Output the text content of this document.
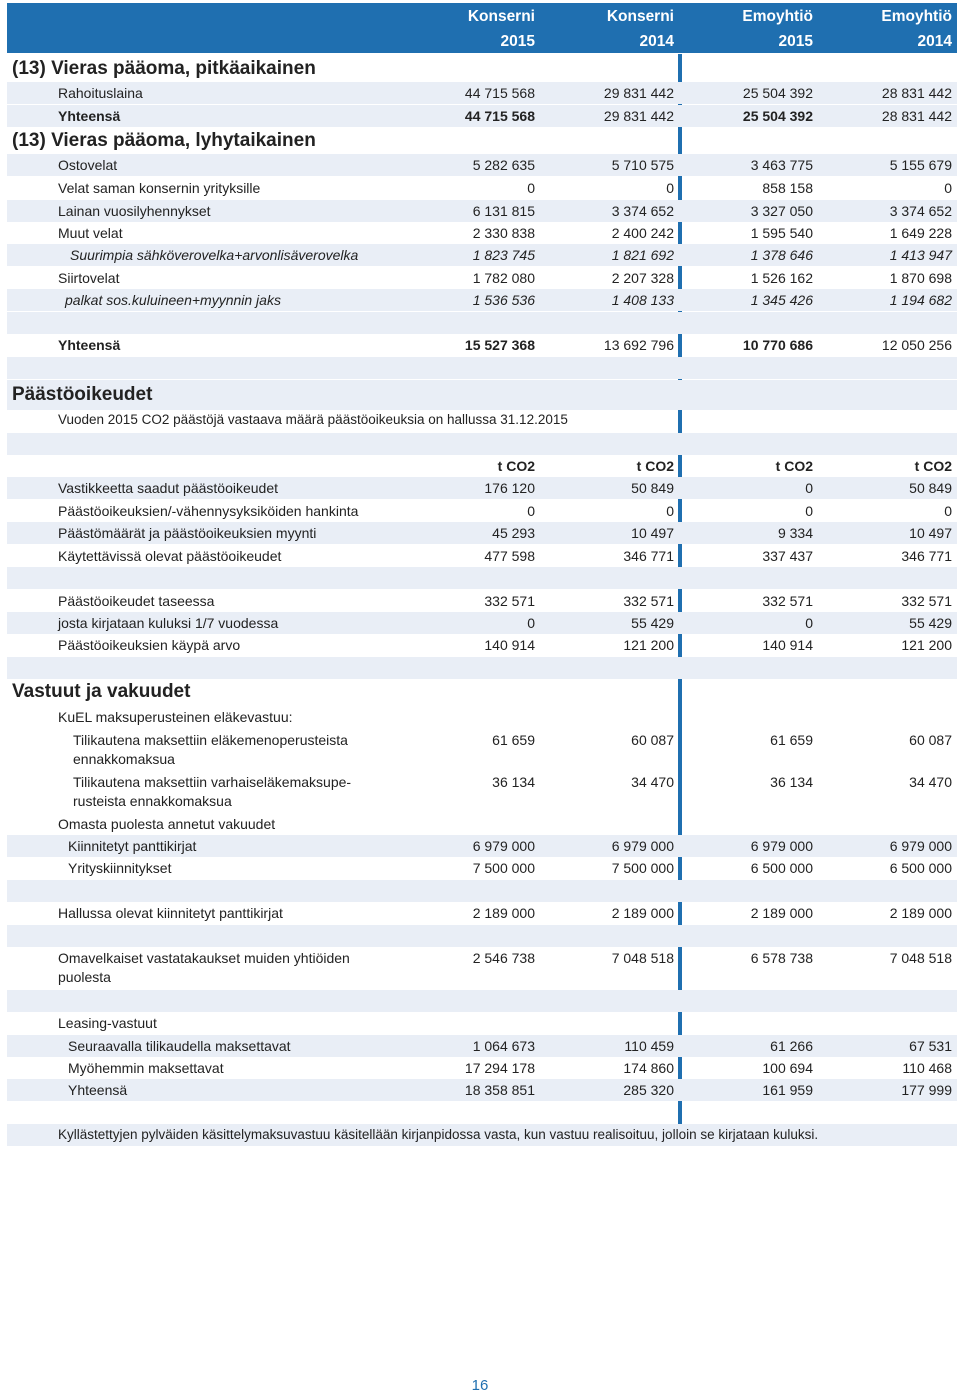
Konserni	Konserni	Emoyhtiö	Emoyhtiö
2015	2014	2015	2014
(13) Vieras pääoma, pitkäaikainen
Rahoituslaina	44 715 568	29 831 442	25 504 392	28 831 442
Yhteensä	44 715 568	29 831 442	25 504 392	28 831 442
(13) Vieras pääoma, lyhytaikainen
Ostovelat	5 282 635	5 710 575	3 463 775	5 155 679
Velat saman konsernin yrityksille	0	0	858 158	0
Lainan vuosilyhennykset	6 131 815	3 374 652	3 327 050	3 374 652
Muut velat	2 330 838	2 400 242	1 595 540	1 649 228
Suurimpia sähköverovelka+arvonlisäverovelka	1 823 745	1 821 692	1 378 646	1 413 947
Siirtovelat	1 782 080	2 207 328	1 526 162	1 870 698
palkat sos.kuluineen+myynnin jaks	1 536 536	1 408 133	1 345 426	1 194 682
Yhteensä	15 527 368	13 692 796	10 770 686	12 050 256
Päästöoikeudet
Vuoden 2015 CO2 päästöjä vastaava määrä päästöoikeuksia on hallussa 31.12.2015
t CO2	t CO2	t CO2	t CO2
Vastikkeetta saadut päästöoikeudet	176 120	50 849	0	50 849
Päästöoikeuksien/-vähennysyksiköiden hankinta	0	0	0	0
Päästömäärät ja päästöoikeuksien myynti	45 293	10 497	9 334	10 497
Käytettävissä olevat päästöoikeudet	477 598	346 771	337 437	346 771
Päästöoikeudet taseessa	332 571	332 571	332 571	332 571
josta kirjataan kuluksi 1/7 vuodessa	0	55 429	0	55 429
Päästöoikeuksien käypä arvo	140 914	121 200	140 914	121 200
Vastuut ja vakuudet
KuEL maksuperusteinen eläkevastuu:
Tilikautena maksettiin eläkemenoperusteista ennakkomaksua
61 659	60 087	61 659	60 087
Tilikautena maksettiin varhaiseläkemaksupe-rusteista ennakkomaksua
36 134	34 470	36 134	34 470
Omasta puolesta annetut vakuudet
Kiinnitetyt panttikirjat	6 979 000	6 979 000	6 979 000	6 979 000
Yrityskiinnitykset	7 500 000	7 500 000	6 500 000	6 500 000
Hallussa olevat kiinnitetyt panttikirjat	2 189 000	2 189 000	2 189 000	2 189 000
Omavelkaiset vastatakaukset muiden yhtiöiden puolesta
2 546 738	7 048 518	6 578 738	7 048 518
Leasing-vastuut
Seuraavalla tilikaudella maksettavat	1 064 673	110 459	61 266	67 531
Myöhemmin maksettavat	17 294 178	174 860	100 694	110 468
Yhteensä	18 358 851	285 320	161 959	177 999
Kyllästettyjen pylväiden käsittelymaksuvastuu käsitellään kirjanpidossa vasta, kun vastuu realisoituu, jolloin se kirjataan kuluksi.
16
